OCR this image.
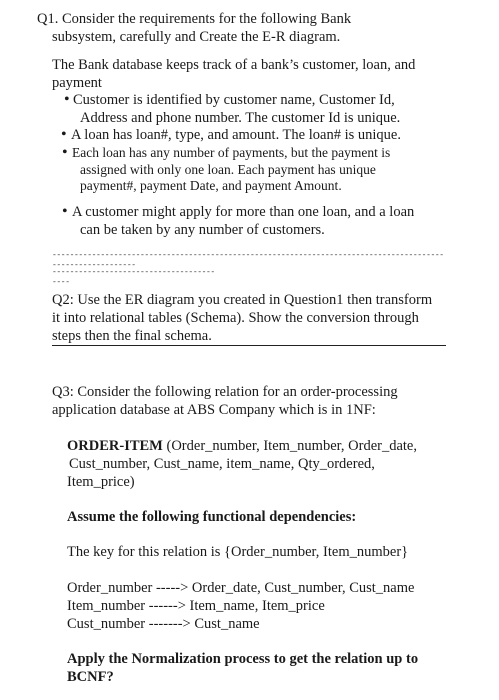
Q1. Consider the requirements for the following Bank
subsystem, carefully and Create the E-R diagram.
The Bank database keeps track of a bank’s customer, loan, and
payment
• Customer is identified by customer name, Customer Id,
Address and phone number. The customer Id is unique.
• A loan has loan#, type, and amount. The loan# is unique.
• Each loan has any number of payments, but the payment is
assigned with only one loan. Each payment has unique
payment#, payment Date, and payment Amount.
• A customer might apply for more than one loan, and a loan
can be taken by any number of customers.
------------------------------------------------------------------------------------------------------------
-----------------------------------------
Q2: Use the ER diagram you created in Question1 then transform
it into relational tables (Schema). Show the conversion through
steps then the final schema.
Q3: Consider the following relation for an order-processing
application database at ABS Company which is in 1NF:
ORDER-ITEM (Order_number, Item_number, Order_date,
Cust_number, Cust_name, item_name, Qty_ordered,
Item_price)
Assume the following functional dependencies:
The key for this relation is {Order_number, Item_number}
Order_number -----> Order_date, Cust_number, Cust_name
Item_number ------> Item_name, Item_price
Cust_number -------> Cust_name
Apply the Normalization process to get the relation up to
BCNF?
